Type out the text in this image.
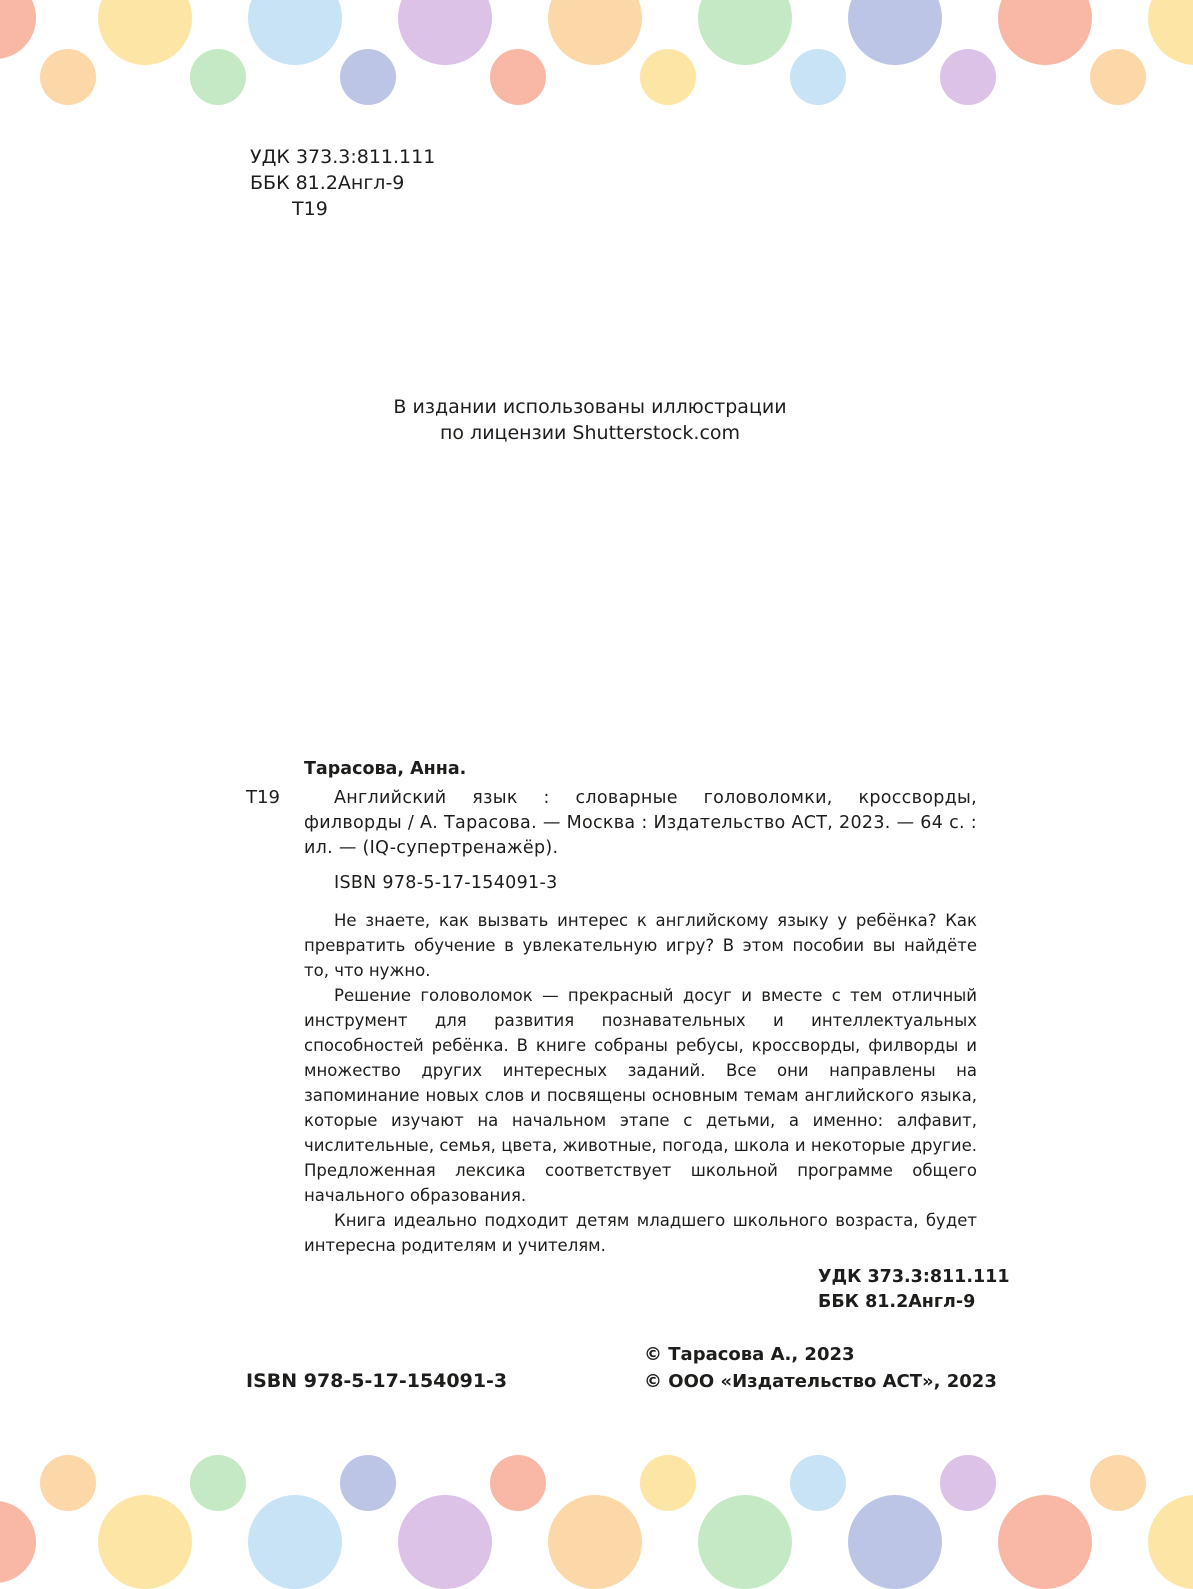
УДК 373.3:811.111
ББК 81.2Англ-9
Т19
В издании использованы иллюстрации
по лицензии Shutterstock.com
Т19
Тарасова, Анна.

Английский язык : словарные головоломки, кроссворды, филворды / А. Тарасова. — Москва : Издательство АСТ, 2023. — 64 с. : ил. — (IQ-супертренажёр).

ISBN 978-5-17-154091-3

Не знаете, как вызвать интерес к английскому языку у ребёнка? Как превратить обучение в увлекательную игру? В этом пособии вы найдёте то, что нужно.

Решение головоломок — прекрасный досуг и вместе с тем отличный инструмент для развития познавательных и интеллектуальных способностей ребёнка. В книге собраны ребусы, кроссворды, филворды и множество других интересных заданий. Все они направлены на запоминание новых слов и посвящены основным темам английского языка, которые изучают на начальном этапе с детьми, а именно: алфавит, числительные, семья, цвета, животные, погода, школа и некоторые другие. Предложенная лексика соответствует школьной программе общего начального образования.

Книга идеально подходит детям младшего школьного возраста, будет интересна родителям и учителям.

УДК 373.3:811.111
ББК 81.2Англ-9
ISBN 978-5-17-154091-3
© Тарасова А., 2023
© ООО «Издательство АСТ», 2023
